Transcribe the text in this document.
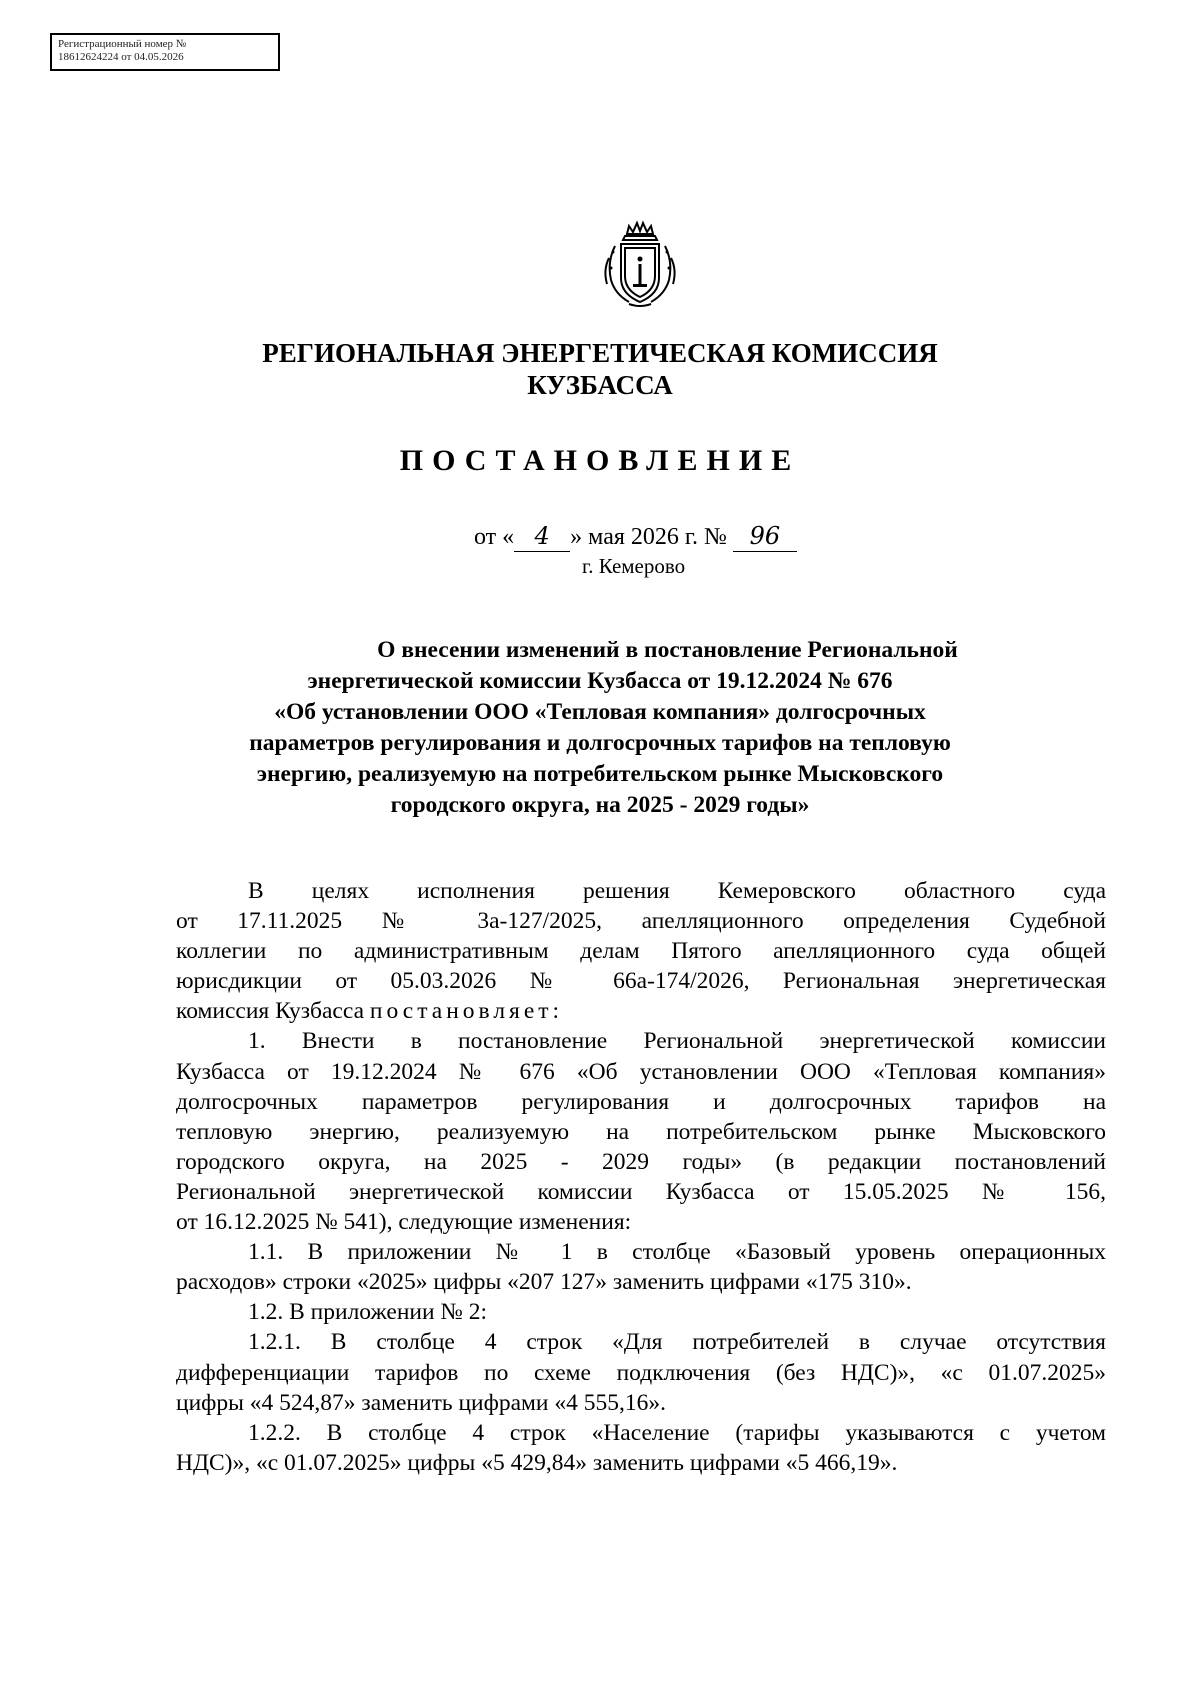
Регистрационный номер №
18612624224 от 04.05.2026
РЕГИОНАЛЬНАЯ ЭНЕРГЕТИЧЕСКАЯ КОМИССИЯ
КУЗБАССА
ПОСТАНОВЛЕНИЕ
от « 4 » мая 2026 г. № 96
г. Кемерово
О внесении изменений в постановление Региональной
энергетической комиссии Кузбасса от 19.12.2024 № 676
«Об установлении ООО «Тепловая компания» долгосрочных
параметров регулирования и долгосрочных тарифов на тепловую
энергию, реализуемую на потребительском рынке Мысковского
городского округа, на 2025 - 2029 годы»
В целях исполнения решения Кемеровского областного суда
от 17.11.2025 № 3а-127/2025, апелляционного определения Судебной
коллегии по административным делам Пятого апелляционного суда общей
юрисдикции от 05.03.2026 № 66а-174/2026, Региональная энергетическая
комиссия Кузбасса постановляет:
1. Внести в постановление Региональной энергетической комиссии
Кузбасса от 19.12.2024 № 676 «Об установлении ООО «Тепловая компания»
долгосрочных параметров регулирования и долгосрочных тарифов на
тепловую энергию, реализуемую на потребительском рынке Мысковского
городского округа, на 2025 - 2029 годы» (в редакции постановлений
Региональной энергетической комиссии Кузбасса от 15.05.2025 № 156,
от 16.12.2025 № 541), следующие изменения:
1.1. В приложении № 1 в столбце «Базовый уровень операционных
расходов» строки «2025» цифры «207 127» заменить цифрами «175 310».
1.2. В приложении № 2:
1.2.1. В столбце 4 строк «Для потребителей в случае отсутствия
дифференциации тарифов по схеме подключения (без НДС)», «с 01.07.2025»
цифры «4 524,87» заменить цифрами «4 555,16».
1.2.2. В столбце 4 строк «Население (тарифы указываются с учетом
НДС)», «с 01.07.2025» цифры «5 429,84» заменить цифрами «5 466,19».
